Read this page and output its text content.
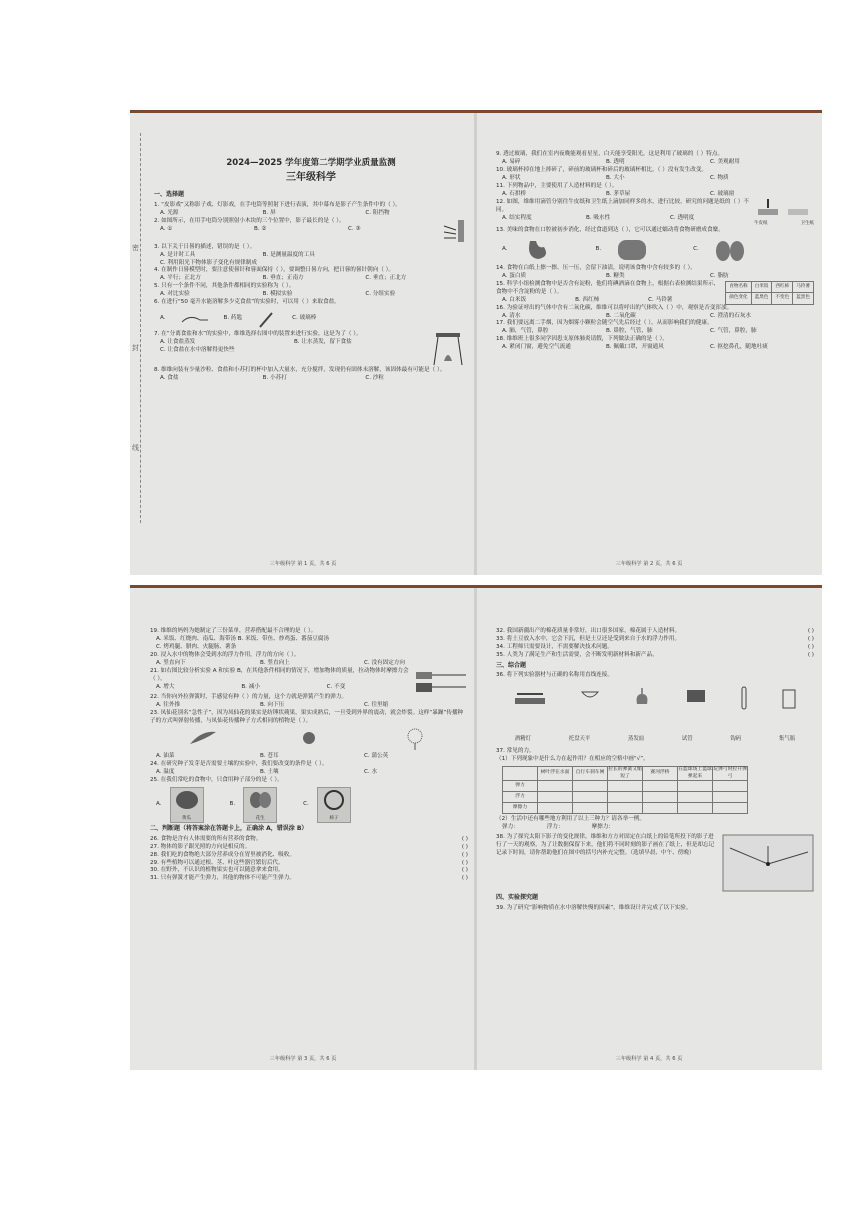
密
封
线
2024—2025 学年度第二学期学业质量监测
三年级科学
一、选择题
1. “皮影戏”又称影子戏、灯影戏，在手电筒等照射下进行表演，其中幕布是影子产生条件中的（ ）。
A. 光源	B. 屏	C. 阻挡物
2. 如图所示，在用手电筒分别照射小木块的三个位置中，影子最长的是（ ）。
A. ①	B. ②	C. ③
3. 以下关于日晷的描述，错误的是（ ）。
A. 是计时工具	B. 是测量温度的工具
C. 利用阳光下物体影子变化有规律制成
4. 在制作日晷模型时，要注意使晷针和晷面保持（ ），要调整日晷方向，把日晷的晷针朝向（ ）。
A. 平行；正北方	B. 垂直；正南方	C. 垂直；正北方
5. 只有一个条件不同，其他条件都相同的实验称为（ ）。
A. 对比实验	B. 模拟实验	C. 分组实验
6. 在进行“50 毫升水能溶解多少克食盐”的实验时，可以用（ ）来取食盐。
A.	B. 药匙	C. 玻璃棒
7. 在“分离食盐和水”的实验中，维维选择右图中的装置来进行实验，这是为了（ ）。
A. 让食盐蒸发	B. 让水蒸发，留下食盐
C. 让食盐在水中溶解得更快些
8. 维维向装有少量沙粒、食盐和小苏打的杯中加入大量水，充分搅拌，发现仍有固体未溶解，该固体最有可能是（ ）。
A. 食盐	B. 小苏打	C. 沙粒
三年级科学 第 1 页，共 6 页
9. 透过玻璃，我们在室内夜晚能观看星星，白天能享受阳光，这是利用了玻璃的（ ）特点。
A. 易碎	B. 透明	C. 美观耐用
10. 玻璃杯掉在地上摔碎了，碎前的玻璃杯和碎后的玻璃杯相比，（ ）没有发生改变。
A. 形状	B. 大小	C. 物质
11. 下列物品中，主要使用了人造材料的是（ ）。
A. 石拱桥	B. 茅草屋	C. 玻璃窗
12. 如图，维维用滴管分别往牛皮纸和卫生纸上滴加同样多的水，进行比较，研究的问题是纸的（ ）不同。
A. 结实程度	B. 吸水性	C. 透明度
牛皮纸	卫生纸
13. 美味的食物在口腔被初步消化，经过食道到达（ ），它可以通过蠕动将食物研磨成食糜。
A.	B.	C.
14. 食物在白纸上擦一擦、压一压，会留下油渍，说明该食物中含有较多的（ ）。
A. 蛋白质	B. 糖类	C. 脂肪
15. 科学小组检测食物中是否含有淀粉，他们将碘酒滴在食物上，根据右表检测结果所示，食物中不含淀粉的是（ ）。
A. 白米饭	B. 西红柿	C. 马铃薯
食物名称	白米饭	西红柿	马铃薯
颜色变化	蓝黑色	不变色	蓝黑色
16. 为验证呼出的气体中含有二氧化碳，维维可以将呼出的气体吹入（ ）中，观察是否变浑浊。
A. 清水	B. 二氧化碳	C. 澄清的石灰水
17. 我们要远离二手烟，因为烟雾小颗粒会随空气先后经过（ ），从而影响我们的健康。
A. 肺，气管，鼻腔	B. 鼻腔，气管，肺	C. 气管，鼻腔，肺
18. 维维班上很多同学因患支原体肺炎请假，下列做法正确的是（ ）。
A. 紧闭门窗，避免空气流通	B. 佩戴口罩，开窗通风	C. 抠挖鼻孔，随地吐痰
三年级科学 第 2 页，共 6 页
19. 维维的妈妈为她制定了三份菜单，营养搭配最不合理的是（ ）。
A. 米饭、红烧肉、南瓜、海带汤 B. 米饭、带鱼、炒鸡蛋、番茄豆腐汤
C. 烤鸡腿、腊肉、火腿肠、薯条
20. 浸入水中的物体会受到水的浮力作用，浮力的方向（ ）。
A. 竖直向下	B. 竖直向上	C. 没有固定方向
21. 如右图比较分析实验 A 和实验 B，在其他条件相同的情况下，增加物体的质量，拉动物体时摩擦力会（ ）。
A. 增大	B. 减小	C. 不变
22. 当你向外拉弹簧时，手感觉有种（ ）的力量，这个力就是弹簧产生的弹力。
A. 往外推	B. 向下压	C. 往里缩
23. 凤仙花别名“急性子”，因为凤仙花的果实是纺锤状蒴果，果实成熟后，一旦受到外界的震动，就会炸裂。这样“暴躁”传播种子的方式叫弹射传播，与凤仙花传播种子方式相同的植物是（ ）。
A. 油菜	B. 苍耳	C. 蒲公英
24. 在研究种子发芽是否需要土壤的实验中，我们要改变的条件是（ ）。
A. 温度	B. 土壤	C. 水
25. 在我们常吃的食物中，只食用种子部分的是（ ）。
A.
黄瓜
B.
花生
C.
柿子
二、判断题（将答案涂在答题卡上，正确涂 A，错误涂 B）
26. 食物是含有人体需要的所有营养的食物。	( )
27. 物体的影子跟光照的方向是相反的。	( )
28. 我们吃的食物绝大部分营养成分在胃里被消化、吸收。	( )
29. 有些植物可以通过根、茎、叶这些器官繁衍后代。	( )
30. 在野外，不认识的植物果实也可以随意拿来食用。	( )
31. 只有弹簧才能产生弹力，其他的物体不可能产生弹力。	( )
三年级科学 第 3 页，共 6 页
32. 我国新疆出产的棉花质量非常好，出口很多国家，棉花属于人造材料。	( )
33. 将土豆放入水中，它会下沉，但是土豆还是受到来自于水的浮力作用。	( )
34. 工程师只需要设计，不需要解决技术问题。	( )
35. 人类为了满足生产和生活需要，会不断发明新材料和新产品。	( )
三、综合题
36. 将下列实验器材与正确的名称用直线连接。
酒精灯	托盘天平	蒸发皿	试管	钩码	集气瓶
37. 常见的力。
（1）下列现象中是什么力在起作用？在相应的空格中画“√”。
	树叶浮在水面	自行车刹车闸	拉长的弹簧又缩短了	赛河浮桥	在篮球场上篮球弹起来	玩弹弓时拉开弹弓
弹力						
浮力						
摩擦力						
（2）生活中还有哪些地方利用了以上三种力？请各举一例。
弹力：	浮力：	摩擦力：
38. 为了探究太阳下影子的变化规律，维维和方方对固定在白纸上的铅笔所投下的影子进行了一天的观察，为了让数据保留下来，他们将不同时刻的影子画在了纸上，但是却忘记记录下时间，请你帮助他们在图中的括号内补充完整。（选填早晨、中午、傍晚）
四、实验探究题
39. 为了研究“影响物质在水中溶解快慢的因素”，维维设计并完成了以下实验。
三年级科学 第 4 页，共 6 页
